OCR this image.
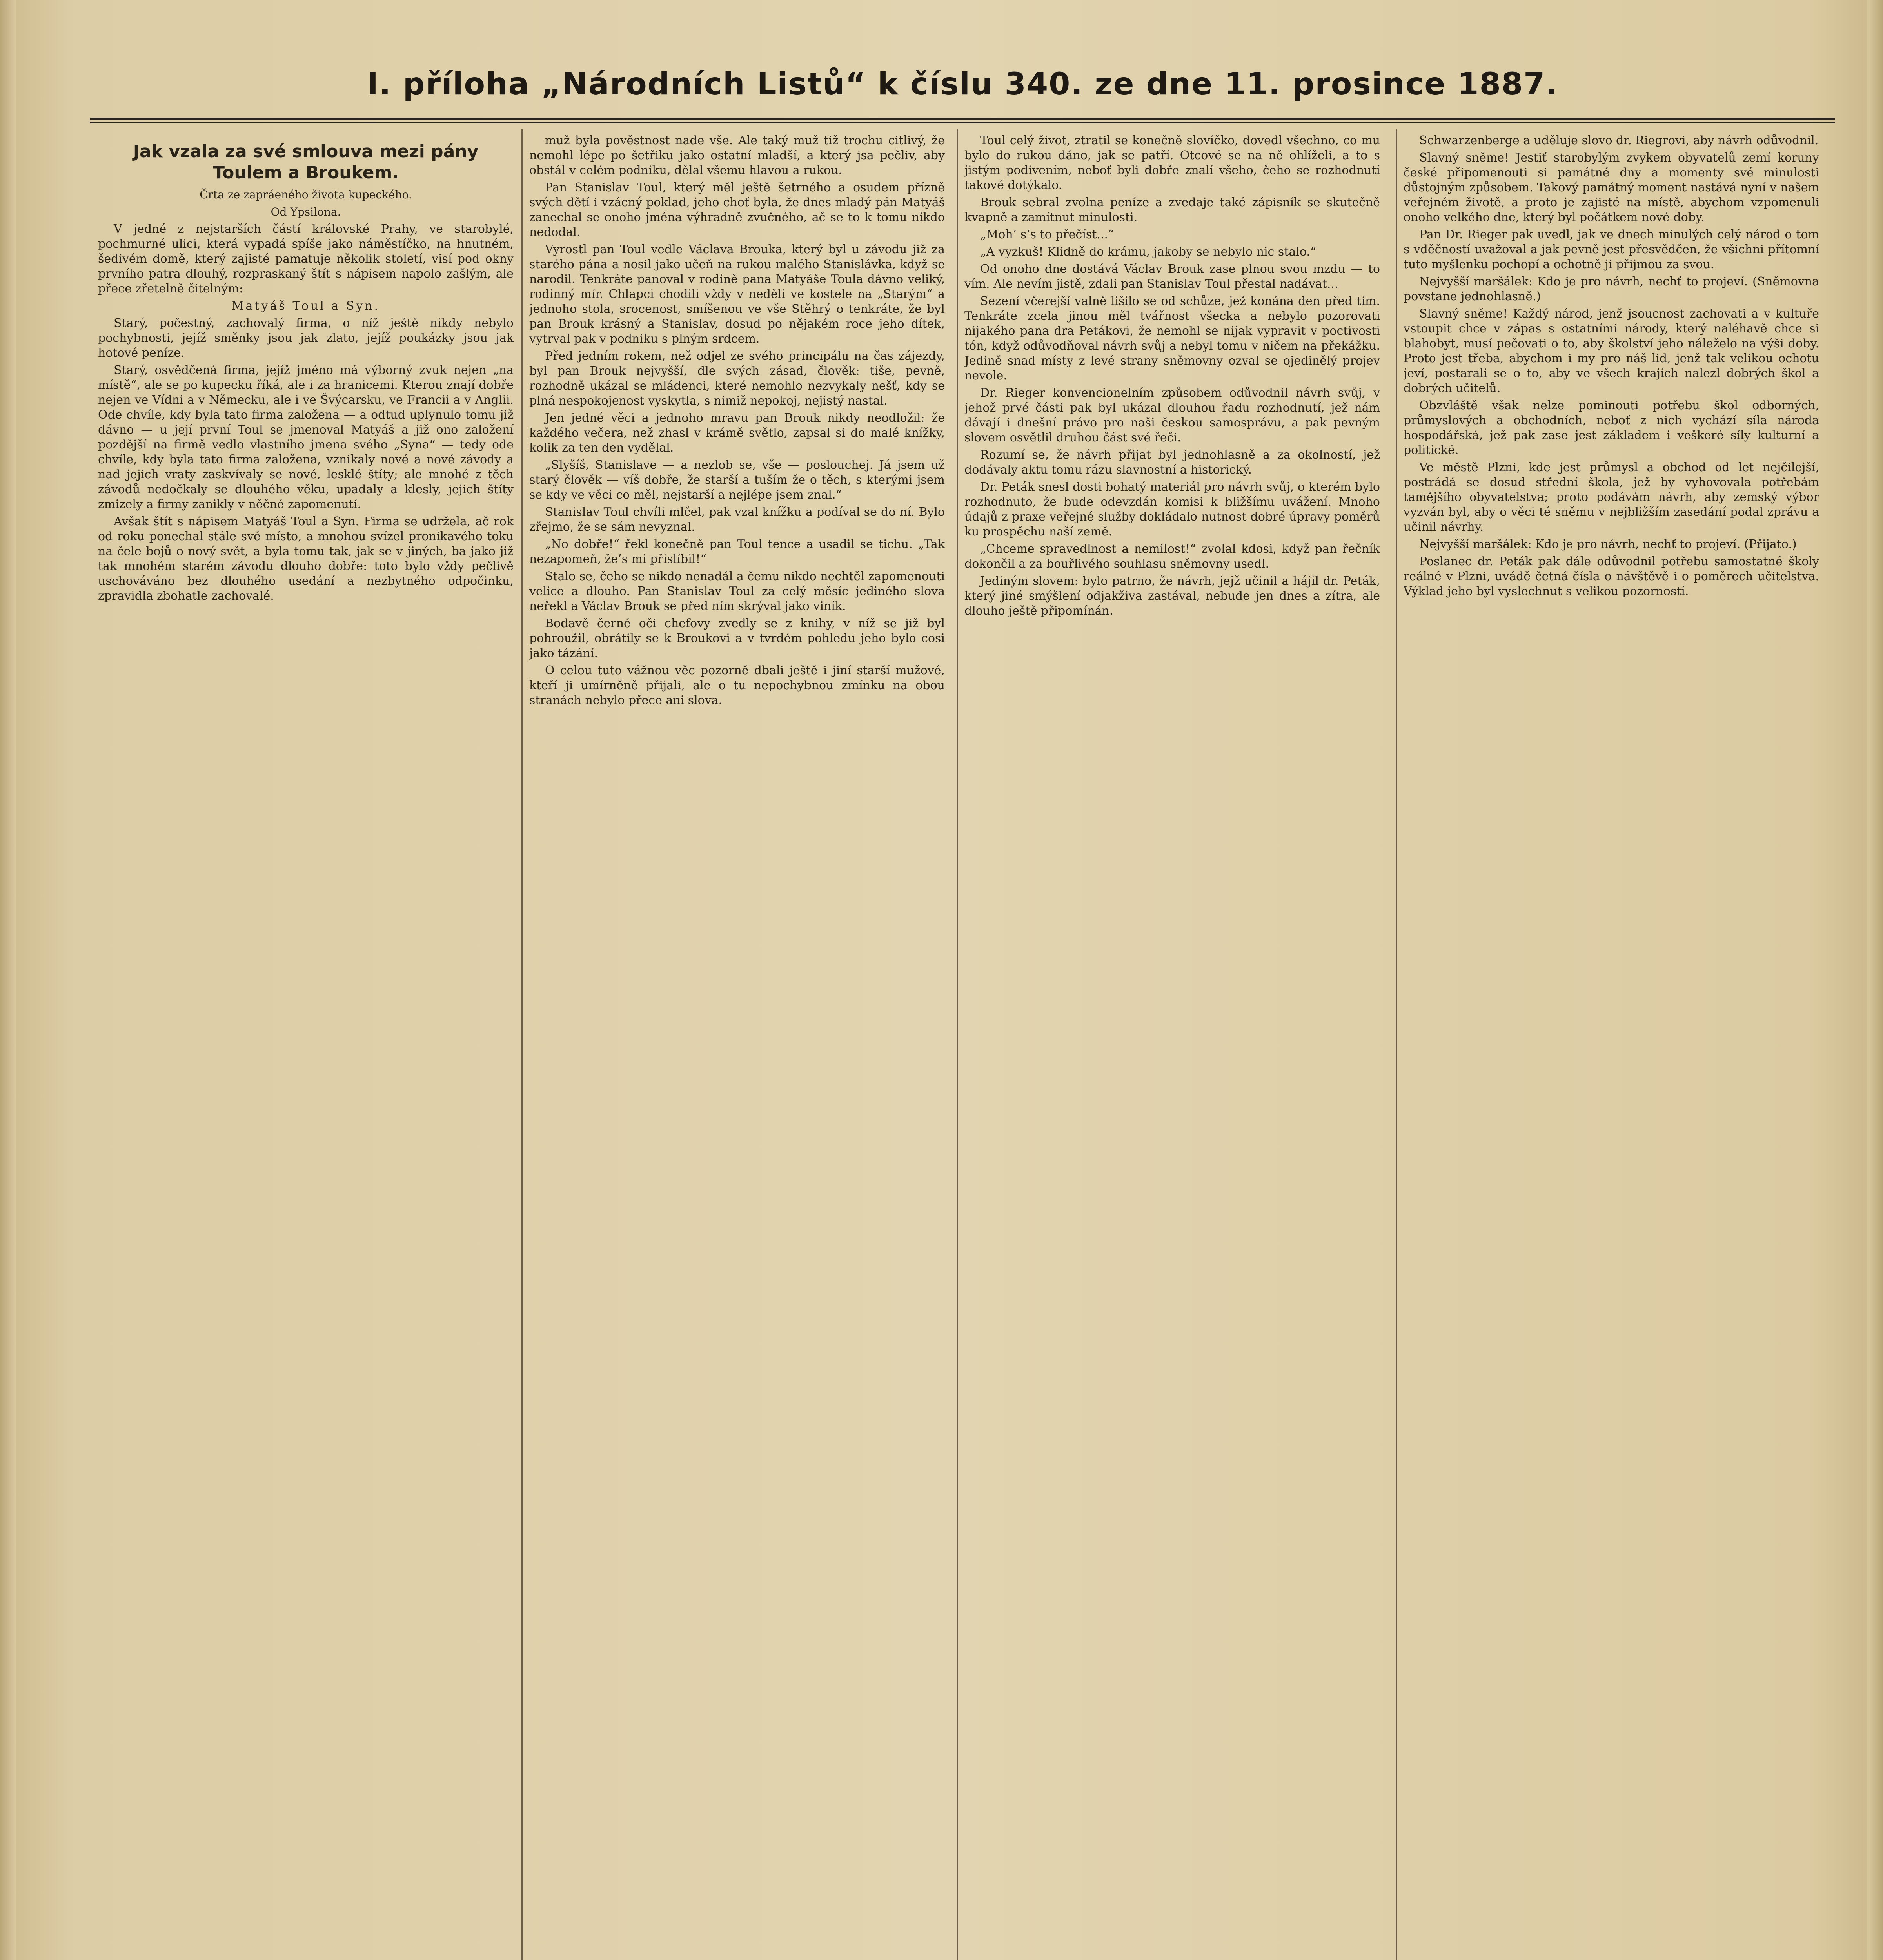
I. příloha „Národních Listů“ k číslu 340. ze dne 11. prosince 1887.
Jak vzala za své smlouva mezi pány Toulem a Broukem.
Črta ze zapráeného života kupeckého.
Od Ypsilona.

V jedné z nejstarších částí královské Prahy, ve starobylé, pochmurné ulici, která vypadá spíše jako náměstíčko, na hnutném, šedivém domě, který zajisté pamatuje několik století, visí pod okny prvního patra dlouhý, rozpraskaný štít s nápisem napolo zašlým, ale přece zřetelně čitelným:

Matyáš Toul a Syn.

Starý, počestný, zachovalý firma, o níž ještě nikdy nebylo pochybnosti, jejíž směnky jsou jak zlato, jejíž poukázky jsou jak hotové peníze.

Starý, osvědčená firma, jejíž jméno má výborný zvuk nejen „na místě“, ale se po kupecku říká, ale i za hranicemi. Kterou znají dobře nejen ve Vídni a v Německu, ale i ve Švýcarsku, ve Francii a v Anglii. Ode chvíle, kdy byla tato firma založena — a odtud uplynulo tomu již dávno — u její první Toul se jmenoval Matyáš a již ono založení pozdější na firmě vedlo vlastního jmena svého „Syna“ — tedy ode chvíle, kdy byla tato firma založena, vznikaly nové a nové závody a nad jejich vraty zaskvívaly se nové, lesklé štíty; ale mnohé z těch závodů nedočkaly se dlouhého věku, upadaly a klesly, jejich štíty zmizely a firmy zanikly v něčné zapomenutí.

Avšak štít s nápisem Matyáš Toul a Syn. Firma se udržela, ač rok od roku ponechal stále své místo, a mnohou svízel pronikavého toku na čele bojů o nový svět, a byla tomu tak, jak se v jiných, ba jako již tak mnohém starém závodu dlouho dobře: toto bylo vždy pečlivě uschováváno bez dlouhého usedání a nezbytného odpočinku, zpravidla zbohatle zachovalé.

muž byla pověstnost nade vše. Ale taký muž tiž trochu citlivý, že nemohl lépe po šetřiku jako ostatní mladší, a který jsa pečliv, aby obstál v celém podniku, dělal všemu hlavou a rukou.

Pan Stanislav Toul, který měl ještě šetrného a osudem přízně svých dětí i vzácný poklad, jeho choť byla, že dnes mladý pán Matyáš zanechal se onoho jména výhradně zvučného, ač se to k tomu nikdo nedodal.

Vyrostl pan Toul vedle Václava Brouka, který byl u závodu již za starého pána a nosil jako učeň na rukou malého Stanislávka, když se narodil. Tenkráte panoval v rodině pana Matyáše Toula dávno veliký, rodinný mír. Chlapci chodili vždy v neděli ve kostele na „Starým“ a jednoho stola, srocenost, smíšenou ve vše Stěhrý o tenkráte, že byl pan Brouk krásný a Stanislav, dosud po nějakém roce jeho dítek, vytrval pak v podniku s plným srdcem.

Před jedním rokem, než odjel ze svého principálu na čas zájezdy, byl pan Brouk nejvyšší, dle svých zásad, člověk: tiše, pevně, rozhodně ukázal se mládenci, které nemohlo nezvykaly nešť, kdy se plná nespokojenost vyskytla, s nimiž nepokoj, nejistý nastal.

Jen jedné věci a jednoho mravu pan Brouk nikdy neodložil: že každého večera, než zhasl v krámě světlo, zapsal si do malé knížky, kolik za ten den vydělal.

„Slyšíš, Stanislave — a nezlob se, vše — poslouchej. Já jsem už starý člověk — víš dobře, že starší a tuším že o těch, s kterými jsem se kdy ve věci co měl, nejstarší a nejlépe jsem znal.“

Stanislav Toul chvíli mlčel, pak vzal knížku a podíval se do ní. Bylo zřejmo, že se sám nevyznal.

„No dobře!“ řekl konečně pan Toul tence a usadil se tichu. „Tak nezapomeň, že’s mi přislíbil!“

Stalo se, čeho se nikdo nenadál a čemu nikdo nechtěl zapomenouti velice a dlouho. Pan Stanislav Toul za celý měsíc jediného slova neřekl a Václav Brouk se před ním skrýval jako viník.

Bodavě černé oči chefovy zvedly se z knihy, v níž se již byl pohroužil, obrátily se k Broukovi a v tvrdém pohledu jeho bylo cosi jako tázání.

O celou tuto vážnou věc pozorně dbali ještě i jiní starší mužové, kteří ji umírněně přijali, ale o tu nepochybnou zmínku na obou stranách nebylo přece ani slova.

Toul celý život, ztratil se konečně slovíčko, dovedl všechno, co mu bylo do rukou dáno, jak se patří. Otcové se na ně ohlíželi, a to s jistým podivením, neboť byli dobře znalí všeho, čeho se rozhodnutí takové dotýkalo.

Brouk sebral zvolna peníze a zvedaje také zápisník se skutečně kvapně a zamítnut minulosti.

„Moh’ s’s to přečíst...“

„A vyzkuš! Klidně do krámu, jakoby se nebylo nic stalo.“

Od onoho dne dostává Václav Brouk zase plnou svou mzdu — to vím. Ale nevím jistě, zdali pan Stanislav Toul přestal nadávat...

Sezení včerejší valně lišilo se od schůze, jež konána den před tím. Tenkráte zcela jinou měl tvářnost všecka a nebylo pozorovati nijakého pana dra Petákovi, že nemohl se nijak vypravit v poctivosti tón, když odůvodňoval návrh svůj a nebyl tomu v ničem na překážku. Jedině snad místy z levé strany sněmovny ozval se ojedinělý projev nevole.

Dr. Rieger konvencionelním způsobem odůvodnil návrh svůj, v jehož prvé části pak byl ukázal dlouhou řadu rozhodnutí, jež nám dávají i dnešní právo pro naši českou samosprávu, a pak pevným slovem osvětlil druhou část své řeči.

Rozumí se, že návrh přijat byl jednohlasně a za okolností, jež dodávaly aktu tomu rázu slavnostní a historický.

Dr. Peták snesl dosti bohatý materiál pro návrh svůj, o kterém bylo rozhodnuto, že bude odevzdán komisi k bližšímu uvážení. Mnoho údajů z praxe veřejné služby dokládalo nutnost dobré úpravy poměrů ku prospěchu naší země.

„Chceme spravedlnost a nemilost!“ zvolal kdosi, když pan řečník dokončil a za bouřlivého souhlasu sněmovny usedl.

Jediným slovem: bylo patrno, že návrh, jejž učinil a hájil dr. Peták, který jiné smýšlení odjakživa zastával, nebude jen dnes a zítra, ale dlouho ještě připomínán.

Schwarzenberge a uděluje slovo dr. Riegrovi, aby návrh odůvodnil.

Slavný sněme! Jestiť starobylým zvykem obyvatelů zemí koruny české připomenouti si památné dny a momenty své minulosti důstojným způsobem. Takový památný moment nastává nyní v našem veřejném životě, a proto je zajisté na místě, abychom vzpomenuli onoho velkého dne, který byl počátkem nové doby.

Pan Dr. Rieger pak uvedl, jak ve dnech minulých celý národ o tom s vděčností uvažoval a jak pevně jest přesvědčen, že všichni přítomní tuto myšlenku pochopí a ochotně ji přijmou za svou.

Nejvyšší maršálek: Kdo je pro návrh, nechť to projeví. (Sněmovna povstane jednohlasně.)

Slavný sněme! Každý národ, jenž jsoucnost zachovati a v kultuře vstoupit chce v zápas s ostatními národy, který naléhavě chce si blahobyt, musí pečovati o to, aby školství jeho náleželo na výši doby. Proto jest třeba, abychom i my pro náš lid, jenž tak velikou ochotu jeví, postarali se o to, aby ve všech krajích nalezl dobrých škol a dobrých učitelů.

Obzvláště však nelze pominouti potřebu škol odborných, průmyslových a obchodních, neboť z nich vychází síla národa hospodářská, jež pak zase jest základem i veškeré síly kulturní a politické.

Ve městě Plzni, kde jest průmysl a obchod od let nejčilejší, postrádá se dosud střední škola, jež by vyhovovala potřebám tamějšího obyvatelstva; proto podávám návrh, aby zemský výbor vyzván byl, aby o věci té sněmu v nejbližším zasedání podal zprávu a učinil návrhy.

Nejvyšší maršálek: Kdo je pro návrh, nechť to projeví. (Přijato.)

Poslanec dr. Peták pak dále odůvodnil potřebu samostatné školy reálné v Plzni, uvádě četná čísla o návštěvě i o poměrech učitelstva. Výklad jeho byl vyslechnut s velikou pozorností.
